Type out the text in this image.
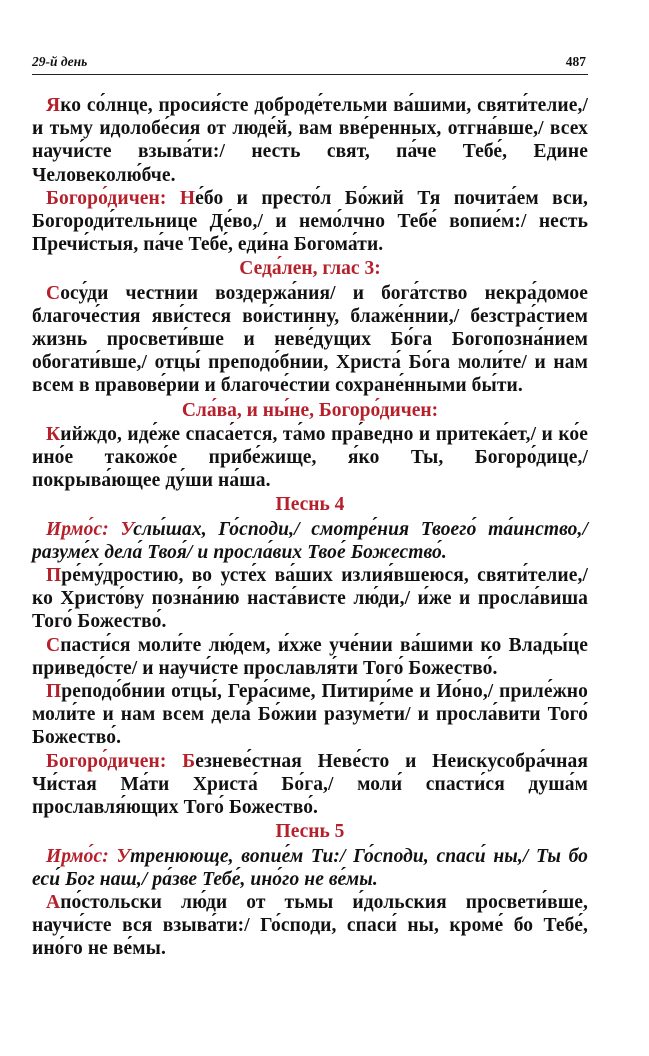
29-й день	487

Яко со́лнце, просия́сте доброде́тельми ва́шими, святи́телие,/ и тьму идолобе́сия от люде́й, вам вве́ренных, отгна́вше,/ всех научи́сте взыва́ти:/ несть свят, па́че Тебе́, Едине Человеколю́бче.

Богоро́дичен: Не́бо и престо́л Бо́жий Тя почита́ем вси, Богороди́тельнице Де́во,/ и немо́лчно Тебе́ вопие́м:/ несть Пречи́стыя, па́че Тебе́, еди́на Богома́ти.

Седа́лен, глас 3:

Сосу́ди честнии воздержа́ния/ и бога́тство некра́домое благоче́стия яви́стеся вои́стинну, блаже́ннии,/ безстра́стием жизнь просвети́вше и неве́дущих Бо́га Богопозна́нием обогати́вше,/ отцы́ преподо́бнии, Христа́ Бо́га моли́те/ и нам всем в правове́рии и благоче́стии сохране́нными бы́ти.

Сла́ва, и ны́не, Богоро́дичен:

Кийждо, иде́же спаса́ется, та́мо пра́ведно и притека́ет,/ и ко́е ино́е такожо́е прибе́жище, я́ко Ты, Богоро́дице,/ покрыва́ющее ду́ши на́ша.

Песнь 4

Ирмо́с: Услы́шах, Го́споди,/ смотре́ния Твоего́ та́инство,/ разуме́х дела́ Твоя́/ и просла́вих Твое́ Божество́.

Пре́му́дростию, во усте́х ва́ших излия́вшеюся, святи́телие,/ ко Христо́ву позна́нию наста́висте лю́ди,/ и́же и просла́вишa Того́ Божество́.

Спасти́ся моли́те лю́дем, и́хже уче́нии ва́шими ко Влады́це приведо́сте/ и научи́сте прославля́ти Того́ Божество́.

Преподо́бнии отцы́, Гера́симе, Питири́ме и Ио́но,/ приле́жно моли́те и нам всем дела́ Бо́жии разуме́ти/ и просла́вити Того́ Божество́.

Богоро́дичен: Безневе́стная Неве́сто и Неискусобра́чная Чи́стая Ма́ти Христа́ Бо́га,/ моли́ спасти́ся душа́м прославля́ющих Того́ Божество́.

Песнь 5

Ирмо́с: Утренююще, вопие́м Ти:/ Го́споди, спаси́ ны,/ Ты бо еси́ Бог наш,/ ра́зве Тебе́, ино́го не ве́мы.

Апо́стольски лю́ди от тьмы и́дольския просвети́вше, научи́сте вся взыва́ти:/ Го́споди, спаси́ ны, кроме́ бо Тебе́, ино́го не ве́мы.
